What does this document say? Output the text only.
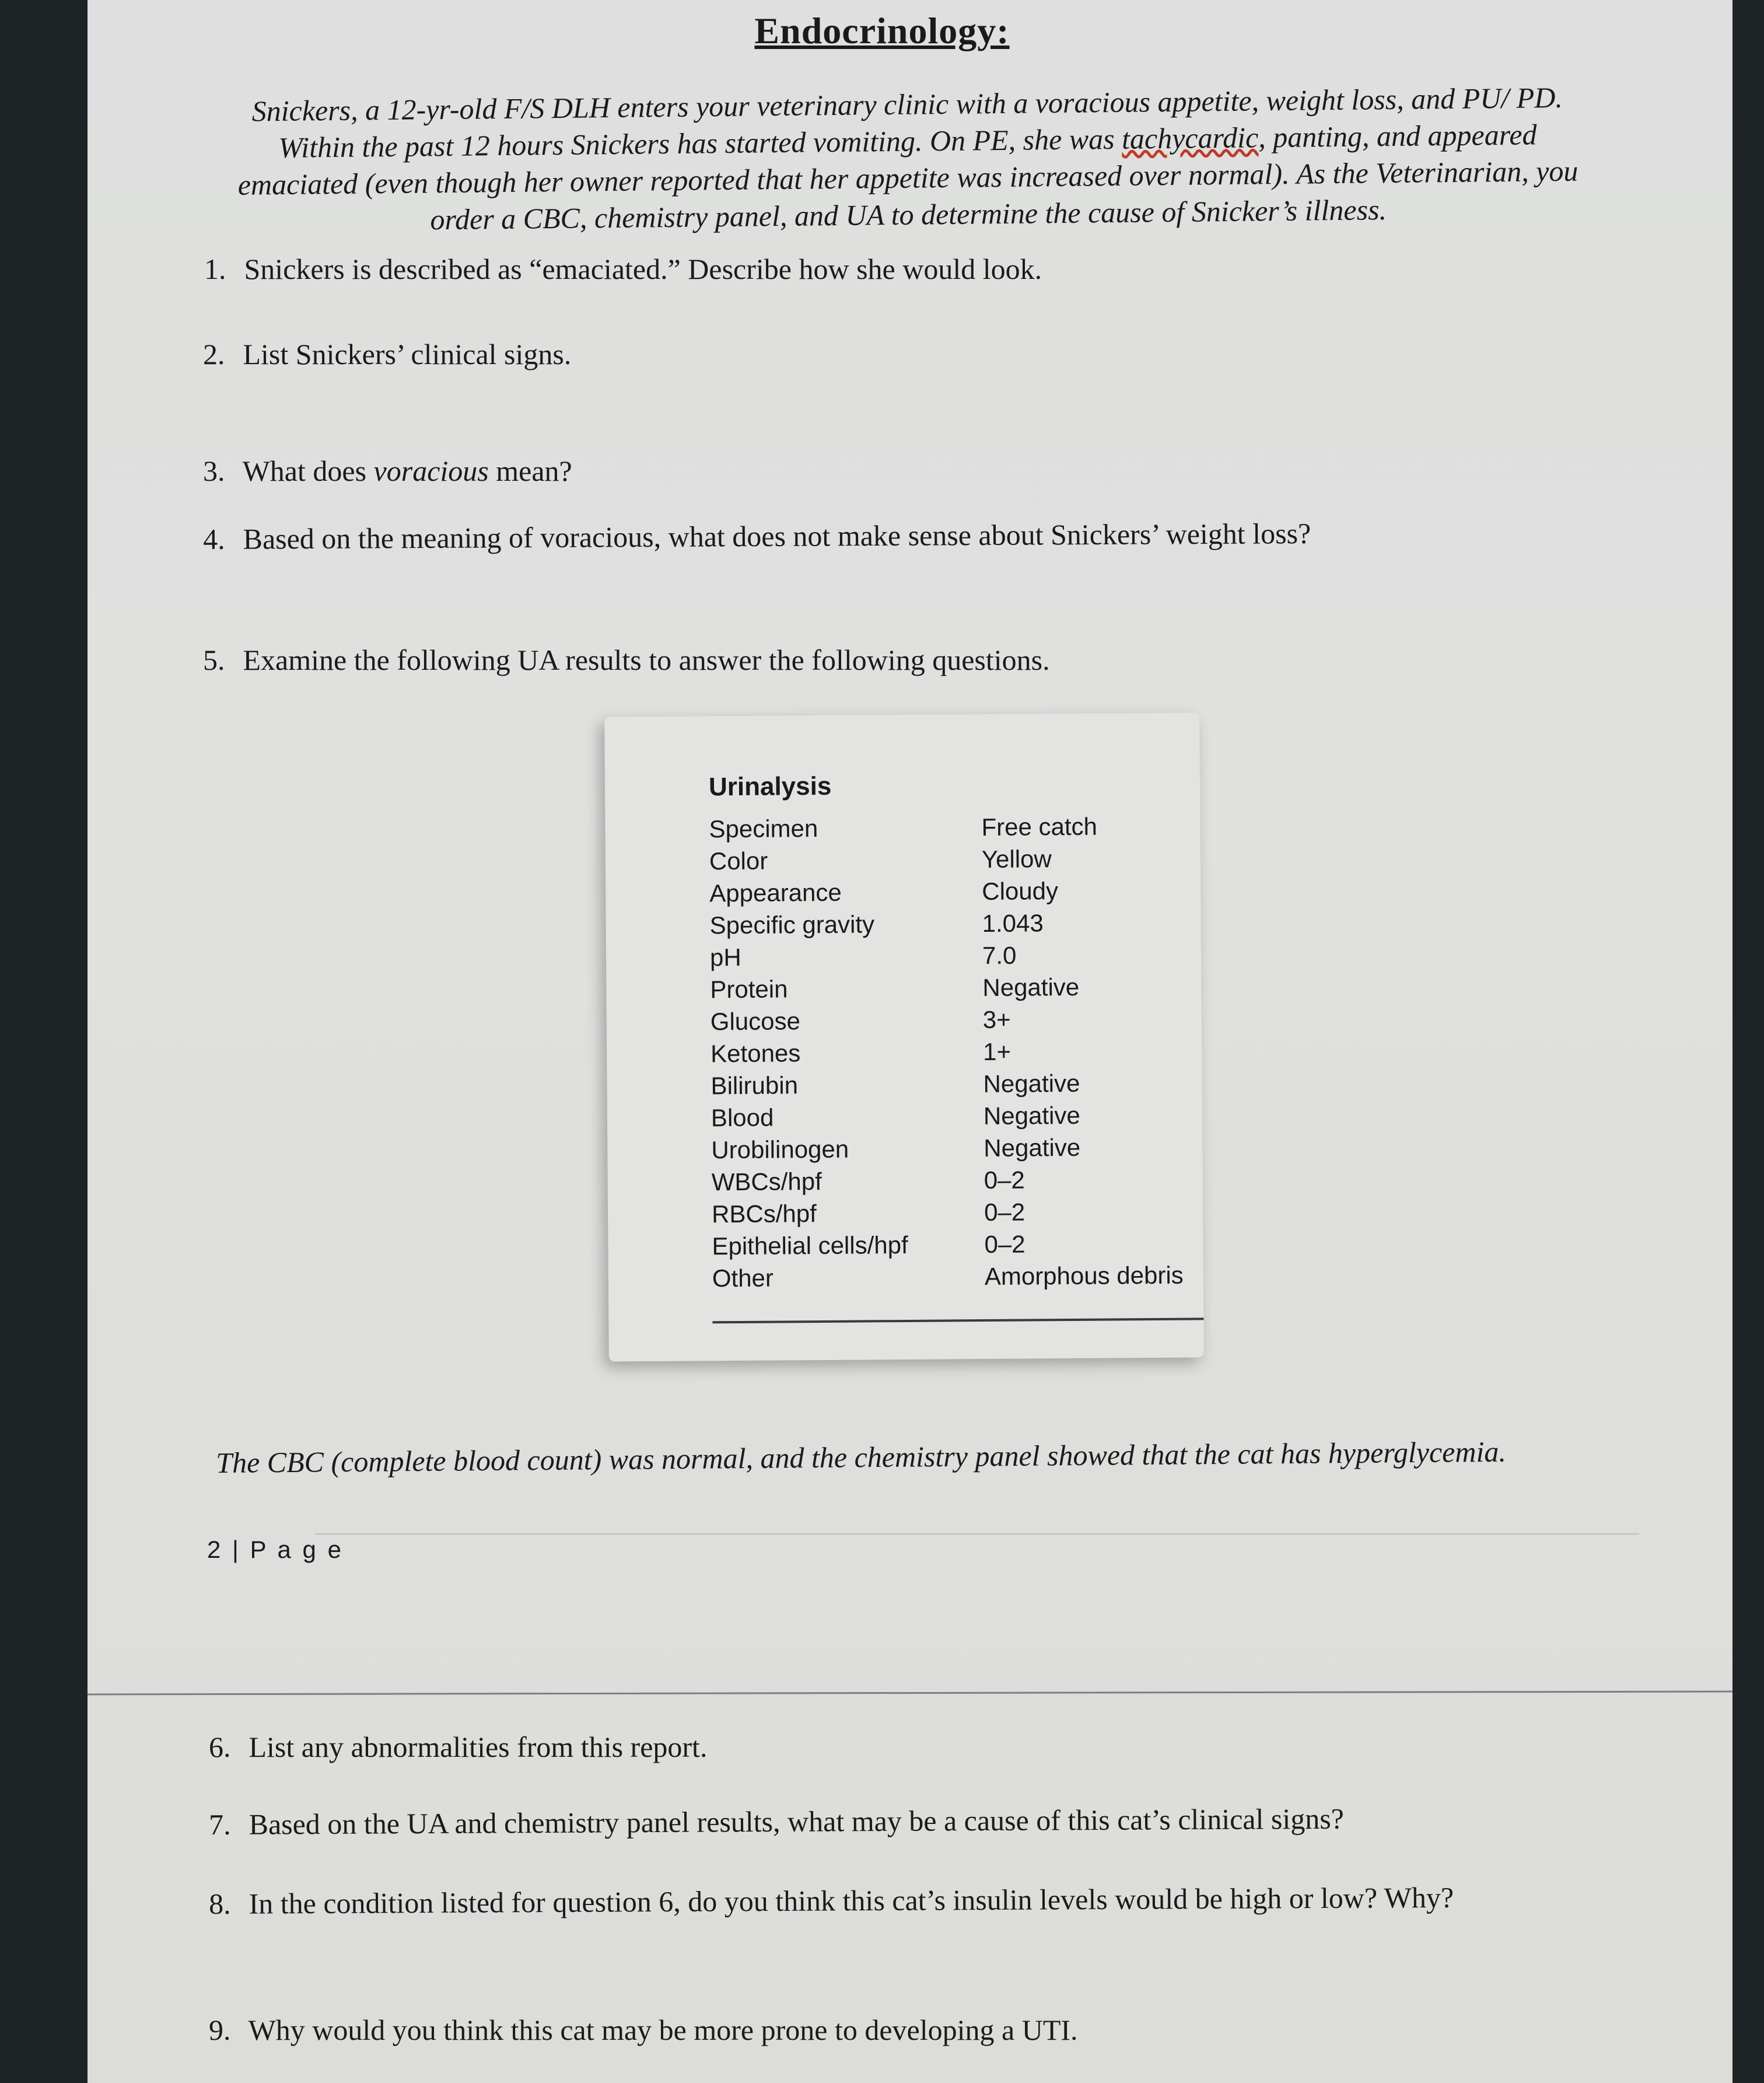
Endocrinology:
Snickers, a 12-yr-old F/S DLH enters your veterinary clinic with a voracious appetite, weight loss, and PU/ PD. Within the past 12 hours Snickers has started vomiting. On PE, she was tachycardic, panting, and appeared emaciated (even though her owner reported that her appetite was increased over normal). As the Veterinarian, you order a CBC, chemistry panel, and UA to determine the cause of Snicker’s illness.
1. Snickers is described as “emaciated.” Describe how she would look.
2. List Snickers’ clinical signs.
3. What does voracious mean?
4. Based on the meaning of voracious, what does not make sense about Snickers’ weight loss?
5. Examine the following UA results to answer the following questions.
Urinalysis
Specimen	Free catch
Color	Yellow
Appearance	Cloudy
Specific gravity	1.043
pH	7.0
Protein	Negative
Glucose	3+
Ketones	1+
Bilirubin	Negative
Blood	Negative
Urobilinogen	Negative
WBCs/hpf	0–2
RBCs/hpf	0–2
Epithelial cells/hpf	0–2
Other	Amorphous debris
The CBC (complete blood count) was normal, and the chemistry panel showed that the cat has hyperglycemia.
2 | P a g e
6. List any abnormalities from this report.
7. Based on the UA and chemistry panel results, what may be a cause of this cat’s clinical signs?
8. In the condition listed for question 6, do you think this cat’s insulin levels would be high or low? Why?
9. Why would you think this cat may be more prone to developing a UTI.
